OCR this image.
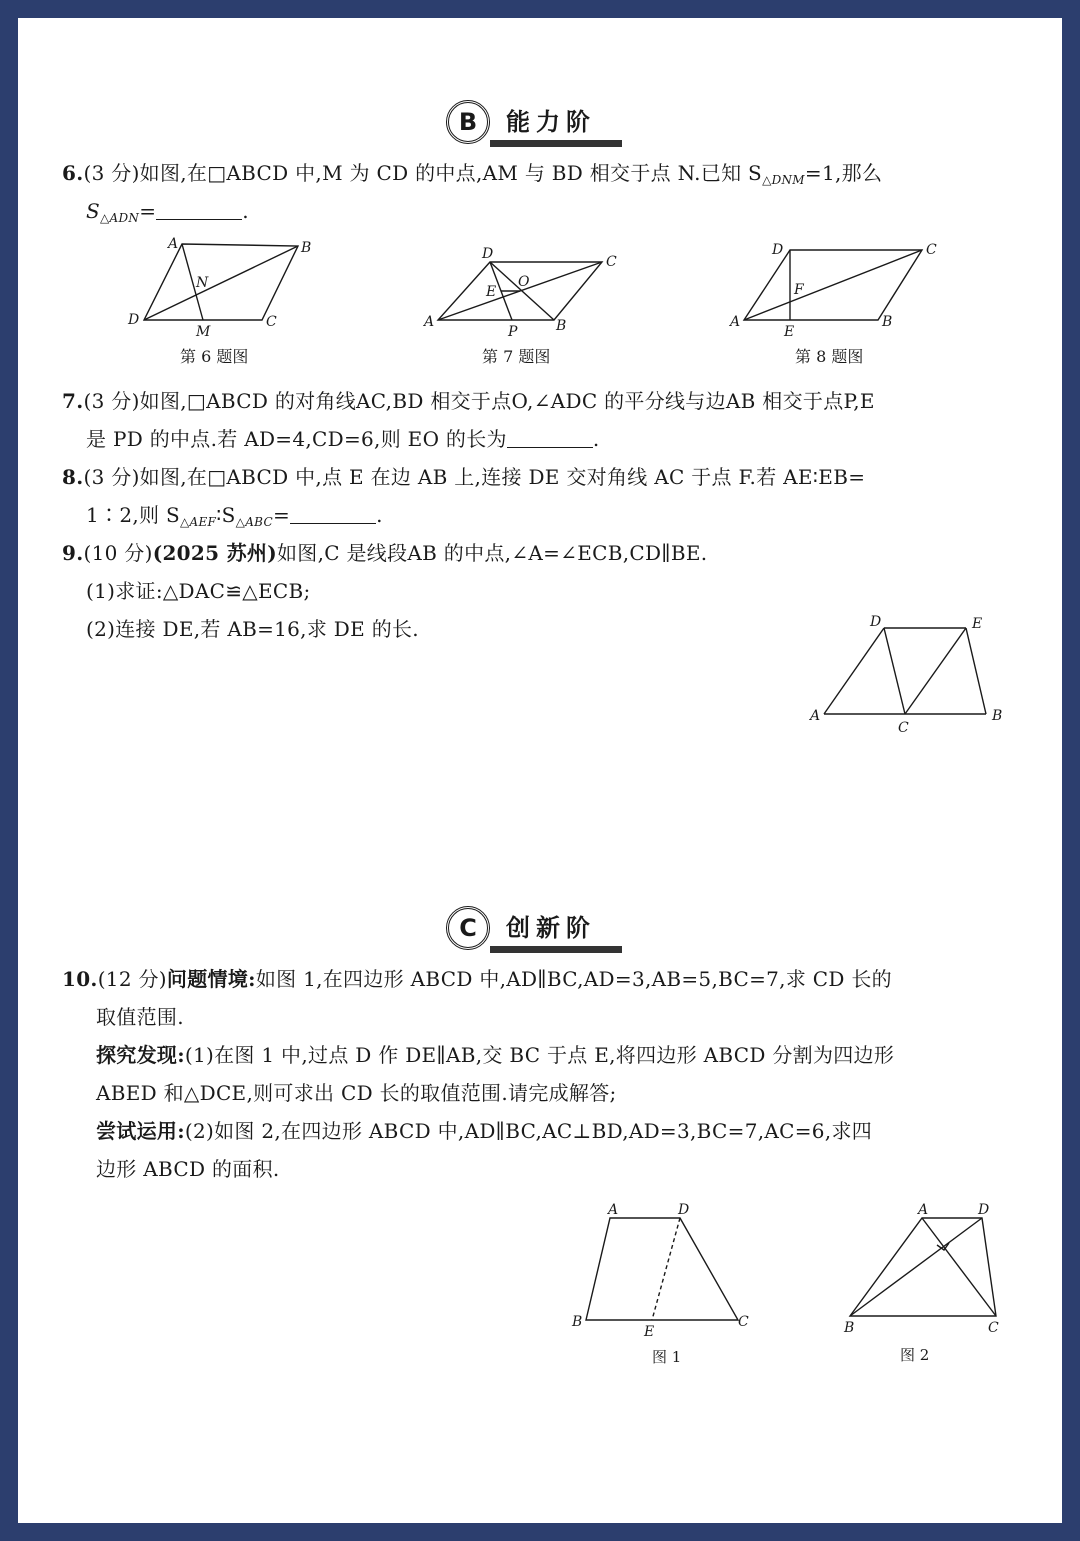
B	能力阶
6.(3 分)如图,在□ABCD 中,M 为 CD 的中点,AM 与 BD 相交于点 N.已知 $S_{\triangle DNM}=1$,那么
$S_{\triangle ADN}=$	.
A	B
C
D
M
N
第 6 题图
D	C
A	B
P
E
O
第 7 题图
D	C
A	B
E
F
第 8 题图
7.(3 分)如图,□ABCD 的对角线AC,BD 相交于点O,∠ADC 的平分线与边AB 相交于点P,E
是 PD 的中点.若 AD=4,CD=6,则 EO 的长为	.
8.(3 分)如图,在□ABCD 中,点 E 在边 AB 上,连接 DE 交对角线 AC 于点 F.若 AE∶EB=
1∶2,则 $S_{\triangle AEF}∶S_{\triangle ABC}=$	.
9.(10 分)(2025 苏州)如图,C 是线段AB 的中点,∠A=∠ECB,CD∥BE.
(1)求证:△DAC≌△ECB;
(2)连接 DE,若 AB=16,求 DE 的长.	D	E
A	B
C
C	创新阶
10.(12 分)问题情境:如图 1,在四边形 ABCD 中,AD∥BC,AD=3,AB=5,BC=7,求 CD 长的
取值范围.
探究发现:(1)在图 1 中,过点 D 作 DE∥AB,交 BC 于点 E,将四边形 ABCD 分割为四边形
ABED 和△DCE,则可求出 CD 长的取值范围.请完成解答;
尝试运用:(2)如图 2,在四边形 ABCD 中,AD∥BC,AC⊥BD,AD=3,BC=7,AC=6,求四
边形 ABCD 的面积.
A	D
B	C
E
图 1
A	D
B	C
图 2
